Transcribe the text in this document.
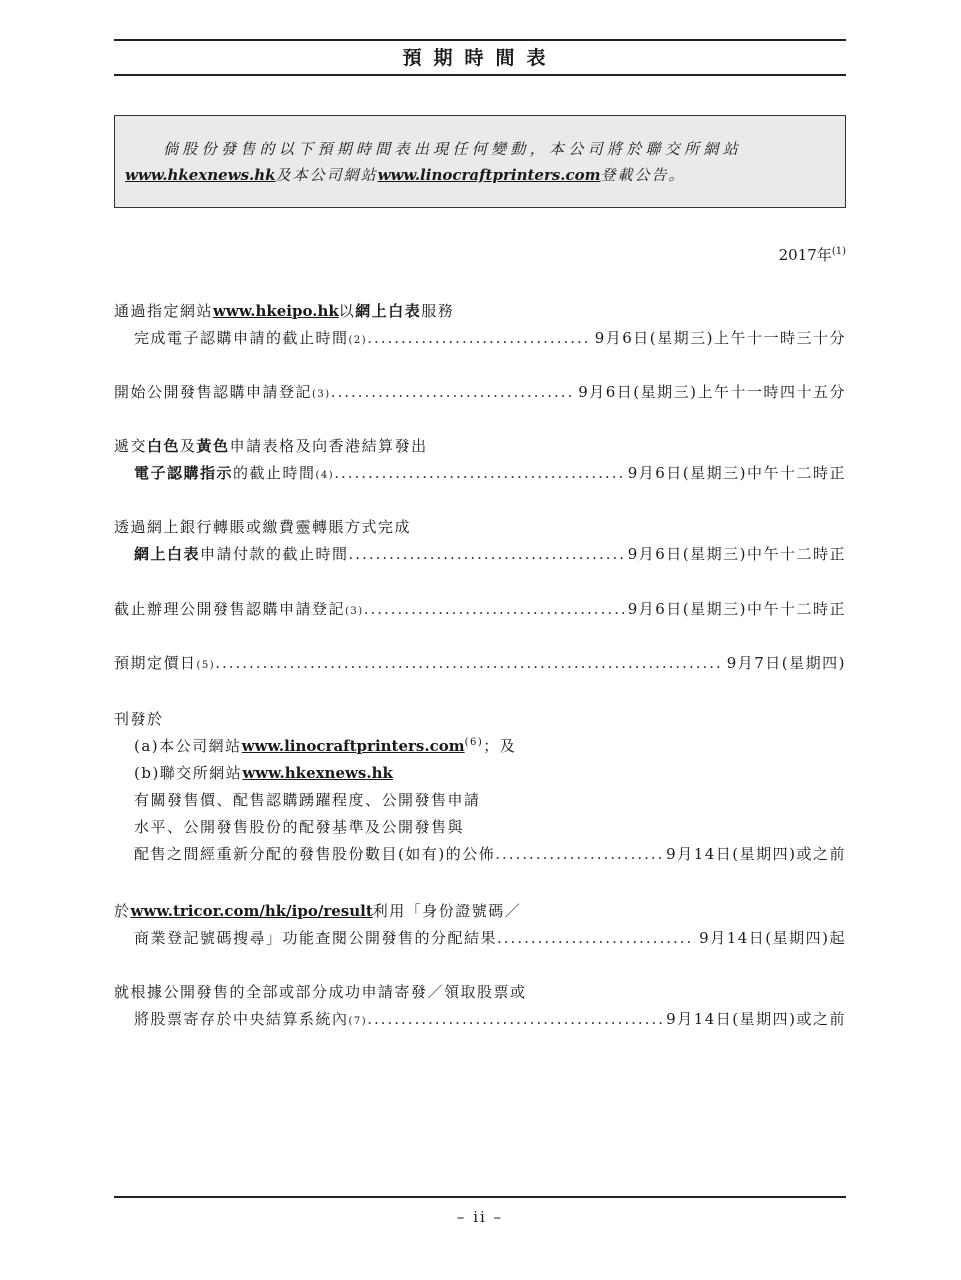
預期時間表
倘股份發售的以下預期時間表出現任何變動，本公司將於聯交所網站
www.hkexnews.hk及本公司網站www.linocraftprinters.com登載公告。
2017年$^{(1)}$
通過指定網站www.hkeipo.hk以網上白表服務
完成電子認購申請的截止時間 (2) .....	9月6日(星期三)上午十一時三十分
開始公開發售認購申請登記 (3) .....	9月6日(星期三)上午十一時四十五分
遞交白色及黃色申請表格及向香港結算發出
電子認購指示 的截止時間 (4) .....	9月6日(星期三)中午十二時正
透過網上銀行轉賬或繳費靈轉賬方式完成
網上白表 申請付款的截止時間 .....	9月6日(星期三)中午十二時正
截止辦理公開發售認購申請登記 (3) .....	9月6日(星期三)中午十二時正
預期定價日 (5) .....	9月7日(星期四)
刊發於
(a)本公司網站www.linocraftprinters.com$^{(6)}$；及
(b)聯交所網站www.hkexnews.hk
有關發售價、配售認購踴躍程度、公開發售申請
水平、公開發售股份的配發基準及公開發售與
配售之間經重新分配的發售股份數目(如有)的公佈 .....	9月14日(星期四)或之前
於www.tricor.com/hk/ipo/result利用「身份證號碼／
商業登記號碼搜尋」功能查閱公開發售的分配結果 .....	9月14日(星期四)起
就根據公開發售的全部或部分成功申請寄發／領取股票或
將股票寄存於中央結算系統內 (7) .....	9月14日(星期四)或之前
– ii –
